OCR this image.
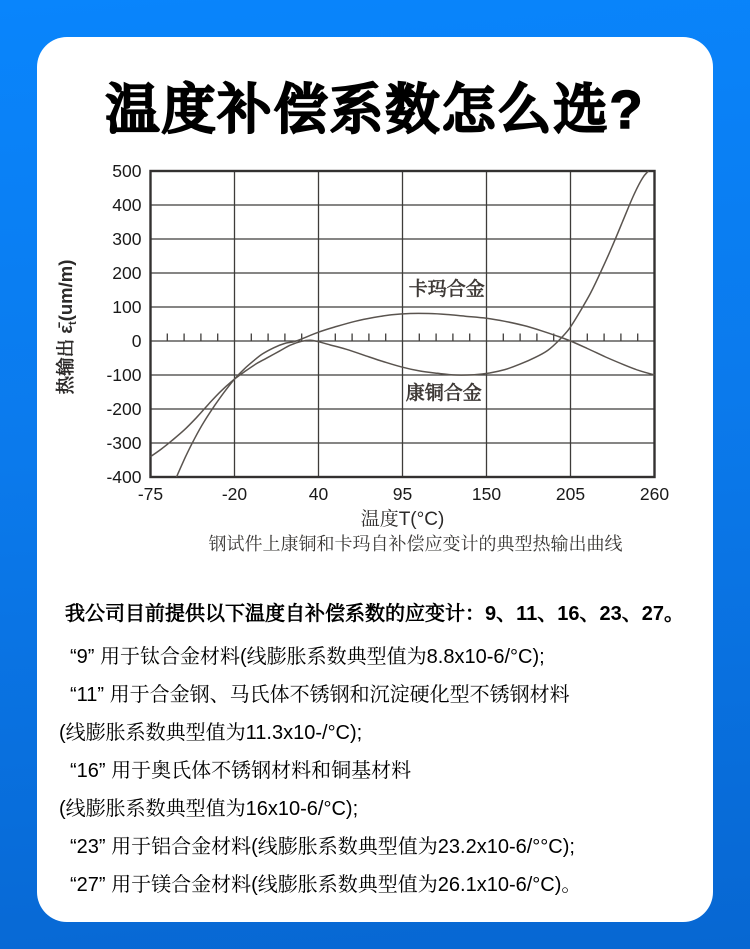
温度补偿系数怎么选?
500
400
300
200
100
0
-100
-200
-300
-400
-75	-20	40	95	150	205	260
卡玛合金
康铜合金
温度T(°C)
钢试件上康铜和卡玛自补偿应变计的典型热输出曲线
热输出 $\varepsilon̄_t(um/m)$

我公司目前提供以下温度自补偿系数的应变计：9、11、16、23、27。

“9” 用于钛合金材料(线膨胀系数典型值为8.8x10-6/°C);

“11” 用于合金钢、马氏体不锈钢和沉淀硬化型不锈钢材料

(线膨胀系数典型值为11.3x10-/°C);

“16” 用于奥氏体不锈钢材料和铜基材料

(线膨胀系数典型值为16x10-6/°C);

“23” 用于铝合金材料(线膨胀系数典型值为23.2x10-6/°°C);

“27” 用于镁合金材料(线膨胀系数典型值为26.1x10-6/°C)。
